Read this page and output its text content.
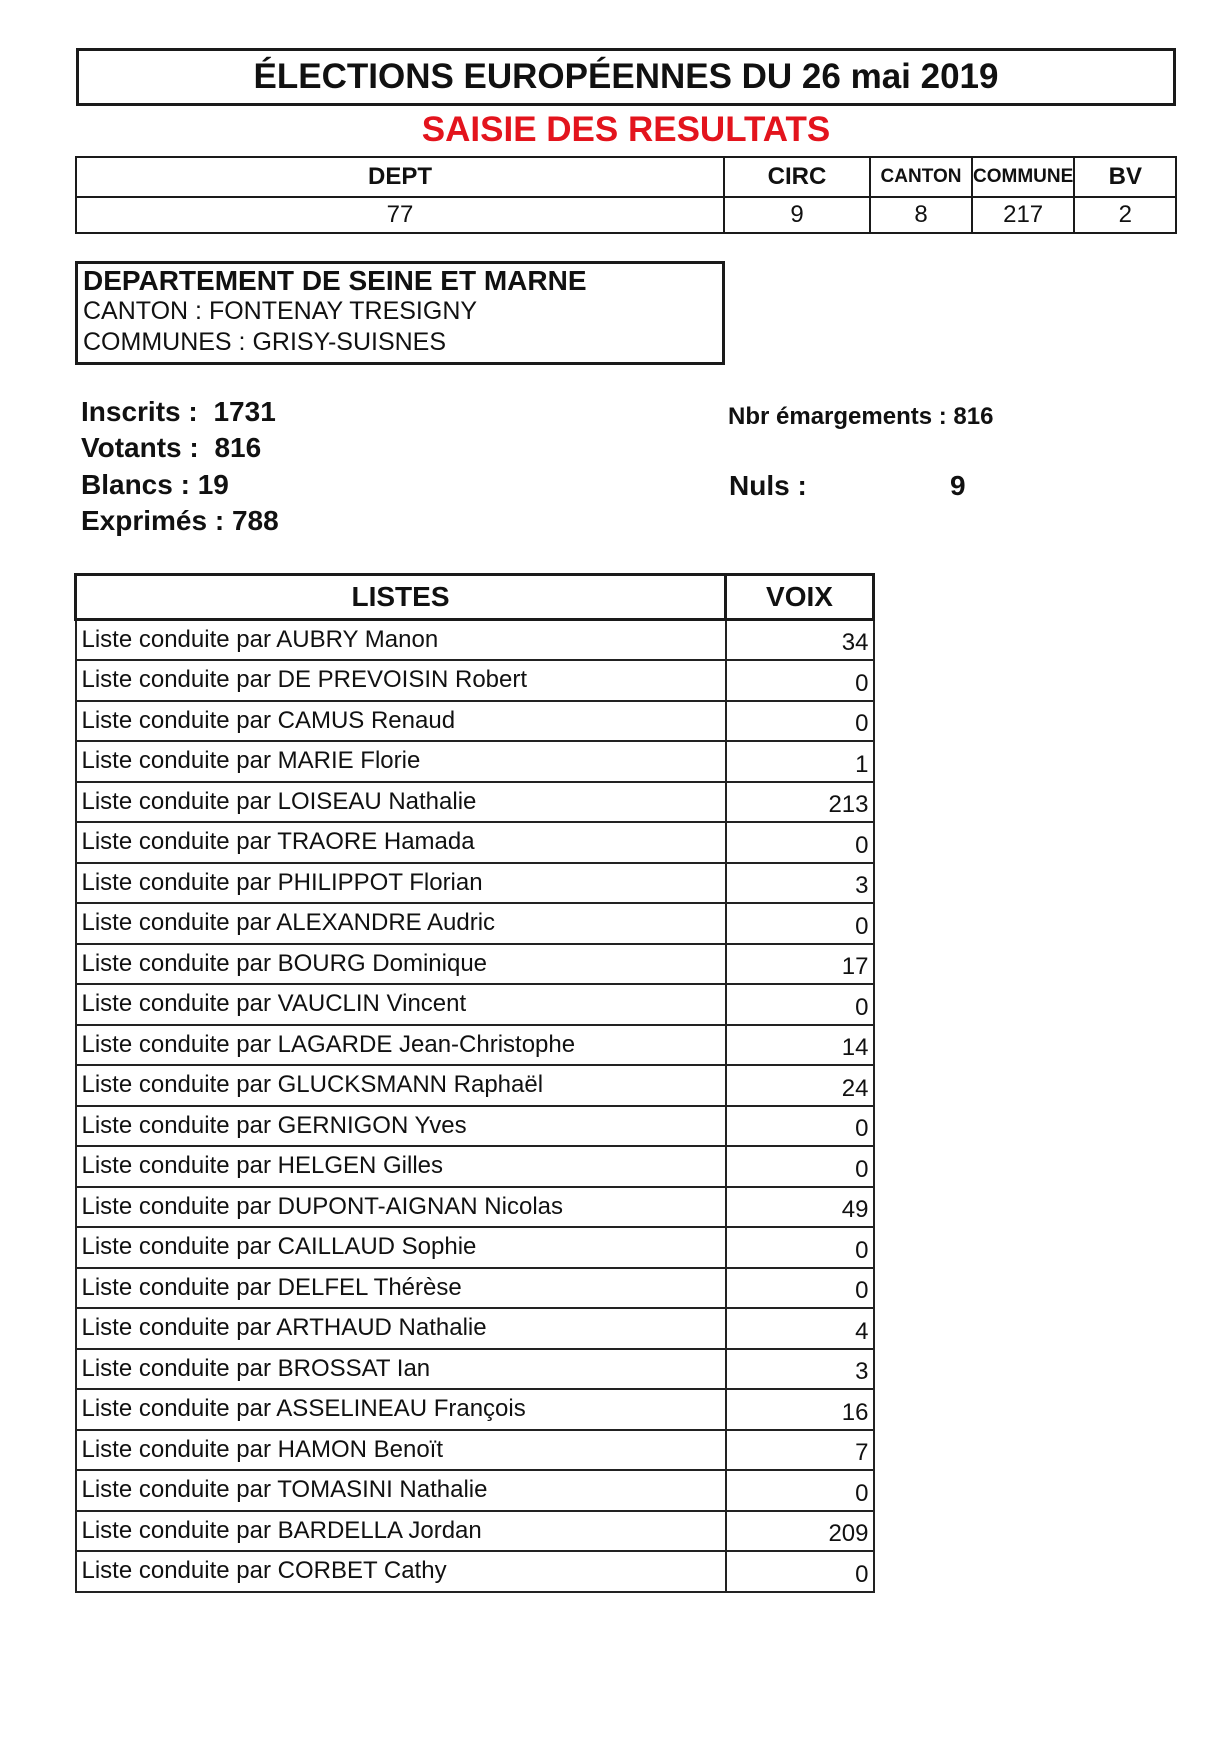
ÉLECTIONS EUROPÉENNES DU 26 mai 2019
SAISIE DES RESULTATS
DEPT	CIRC	CANTON	COMMUNE	BV
77	9	8	217	2
DEPARTEMENT DE SEINE ET MARNE
CANTON : FONTENAY TRESIGNY
COMMUNES : GRISY-SUISNES
Inscrits : 1731
Votants : 816
Blancs : 19
Exprimés : 788
Nbr émargements : 816
Nuls :	9
LISTES	VOIX
Liste conduite par AUBRY Manon	34
Liste conduite par DE PREVOISIN Robert	0
Liste conduite par CAMUS Renaud	0
Liste conduite par MARIE Florie	1
Liste conduite par LOISEAU Nathalie	213
Liste conduite par TRAORE Hamada	0
Liste conduite par PHILIPPOT Florian	3
Liste conduite par ALEXANDRE Audric	0
Liste conduite par BOURG Dominique	17
Liste conduite par VAUCLIN Vincent	0
Liste conduite par LAGARDE Jean-Christophe	14
Liste conduite par GLUCKSMANN Raphaël	24
Liste conduite par GERNIGON Yves	0
Liste conduite par HELGEN Gilles	0
Liste conduite par DUPONT-AIGNAN Nicolas	49
Liste conduite par CAILLAUD Sophie	0
Liste conduite par DELFEL Thérèse	0
Liste conduite par ARTHAUD Nathalie	4
Liste conduite par BROSSAT Ian	3
Liste conduite par ASSELINEAU François	16
Liste conduite par HAMON Benoït	7
Liste conduite par TOMASINI Nathalie	0
Liste conduite par BARDELLA Jordan	209
Liste conduite par CORBET Cathy	0
